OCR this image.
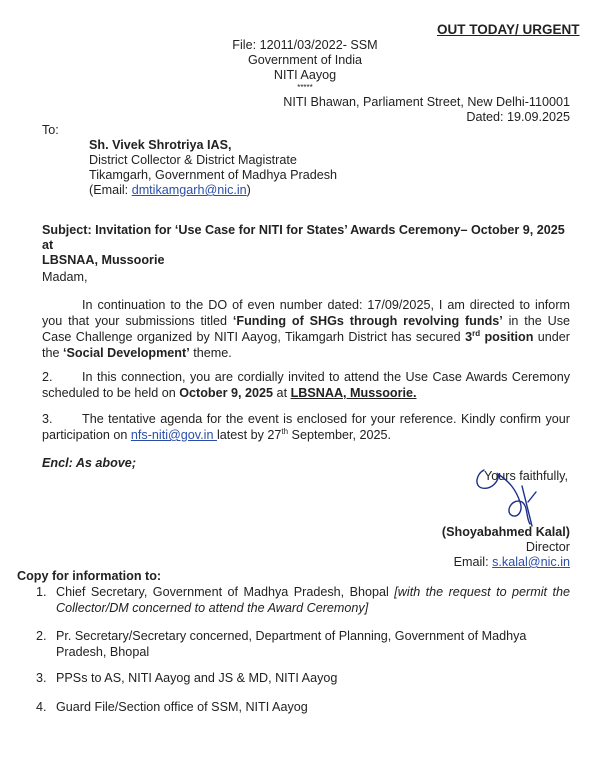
OUT TODAY/ URGENT
File: 12011/03/2022- SSM
Government of India
NITI Aayog
*****
NITI Bhawan, Parliament Street, New Delhi-110001
Dated: 19.09.2025
To:
Sh. Vivek Shrotriya IAS,
District Collector & District Magistrate
Tikamgarh, Government of Madhya Pradesh
(Email: dmtikamgarh@nic.in)
Subject: Invitation for ‘Use Case for NITI for States’ Awards Ceremony– October 9, 2025 at
LBSNAA, Mussoorie
Madam,
In continuation to the DO of even number dated: 17/09/2025, I am directed to inform you that your submissions titled ‘Funding of SHGs through revolving funds’ in the Use Case Challenge organized by NITI Aayog, Tikamgarh District has secured 3rd position under the ‘Social Development’ theme.
2. In this connection, you are cordially invited to attend the Use Case Awards Ceremony scheduled to be held on October 9, 2025 at LBSNAA, Mussoorie.
3. The tentative agenda for the event is enclosed for your reference. Kindly confirm your participation on nfs-niti@gov.in latest by 27th September, 2025.
Encl: As above;
Yours faithfully,
(Shoyabahmed Kalal)
Director
Email: s.kalal@nic.in
Copy for information to:
1. Chief Secretary, Government of Madhya Pradesh, Bhopal [with the request to permit the Collector/DM concerned to attend the Award Ceremony]
2. Pr. Secretary/Secretary concerned, Department of Planning, Government of Madhya Pradesh, Bhopal
3. PPSs to AS, NITI Aayog and JS & MD, NITI Aayog
4. Guard File/Section office of SSM, NITI Aayog
